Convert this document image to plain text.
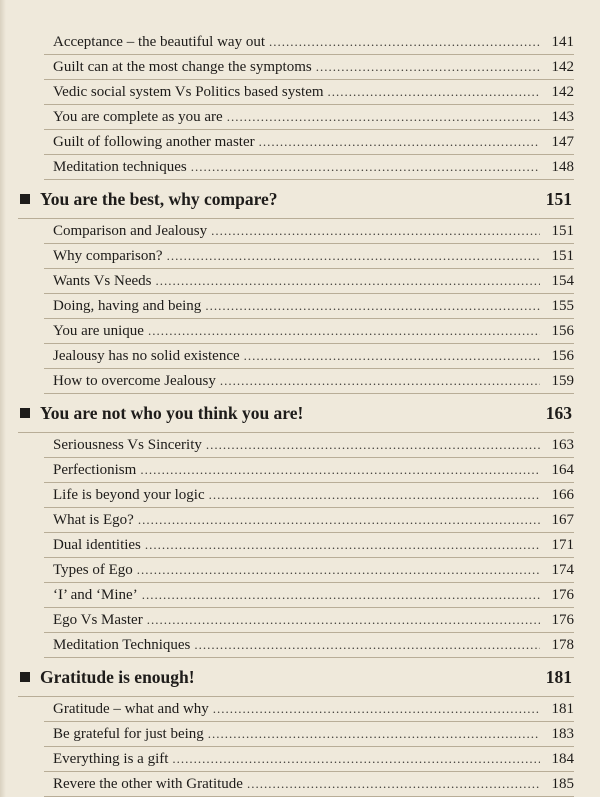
Acceptance – the beautiful way out .....	141
Guilt can at the most change the symptoms .....	142
Vedic social system Vs Politics based system .....	142
You are complete as you are .....	143
Guilt of following another master .....	147
Meditation techniques .....	148
You are the best, why compare?	151
Comparison and Jealousy .....	151
Why comparison? .....	151
Wants Vs Needs .....	154
Doing, having and being .....	155
You are unique .....	156
Jealousy has no solid existence .....	156
How to overcome Jealousy .....	159
You are not who you think you are!	163
Seriousness Vs Sincerity .....	163
Perfectionism .....	164
Life is beyond your logic .....	166
What is Ego? .....	167
Dual identities .....	171
Types of Ego .....	174
‘I’ and ‘Mine’ .....	176
Ego Vs Master .....	176
Meditation Techniques .....	178
Gratitude is enough!	181
Gratitude – what and why .....	181
Be grateful for just being .....	183
Everything is a gift .....	184
Revere the other with Gratitude .....	185
